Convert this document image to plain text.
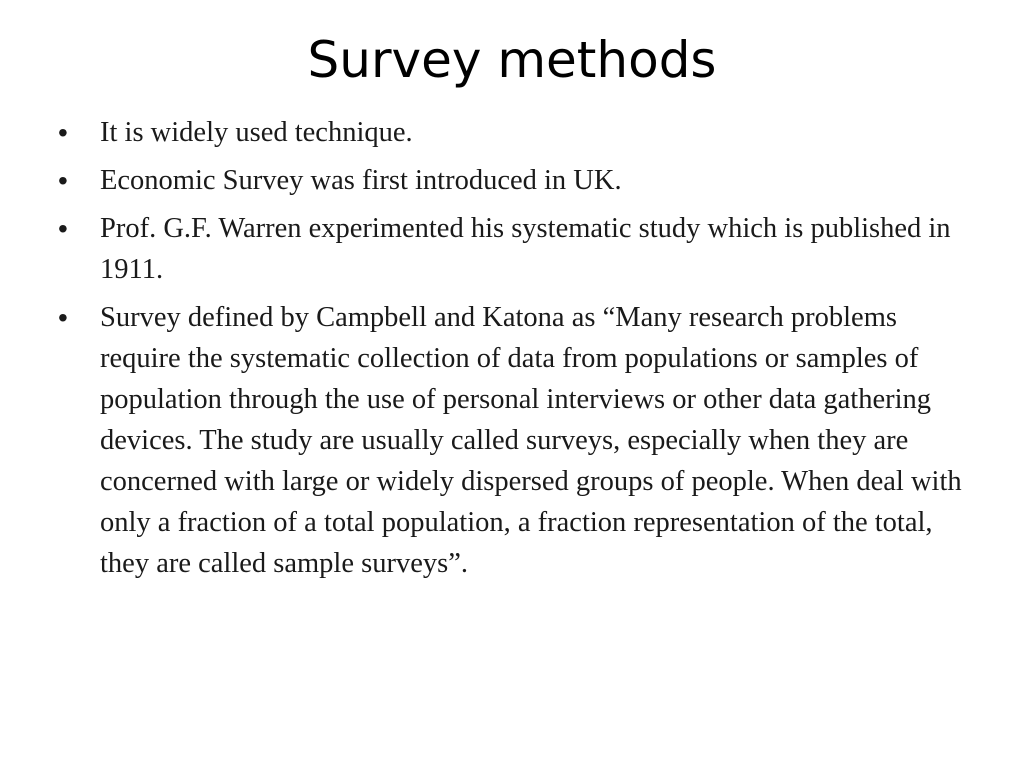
Survey methods
• It is widely used technique.
• Economic Survey was first introduced in UK.
• Prof. G.F. Warren experimented his systematic study which is published in 1911.
• Survey defined by Campbell and Katona as “Many research problems require the systematic collection of data from populations or samples of population through the use of personal interviews or other data gathering devices. The study are usually called surveys, especially when they are concerned with large or widely dispersed groups of people. When deal with only a fraction of a total population, a fraction representation of the total, they are called sample surveys”.
